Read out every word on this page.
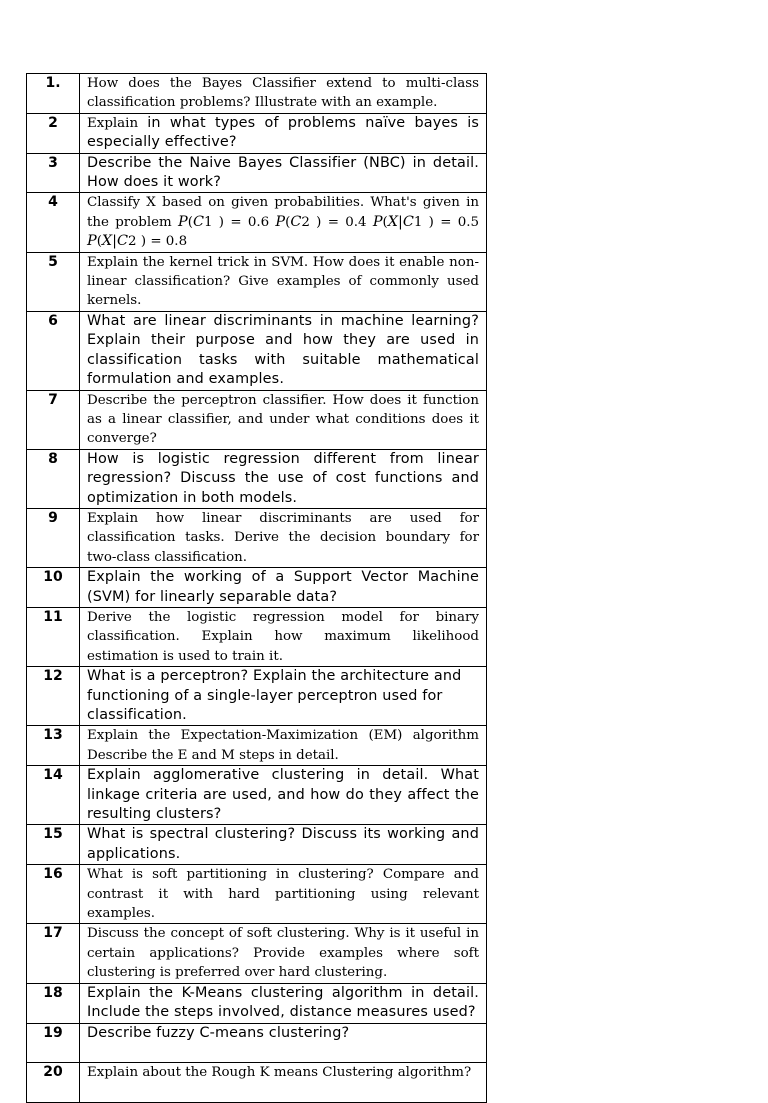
1.	How does the Bayes Classifier extend to multi-class classification problems? Illustrate with an example.
2	Explain in what types of problems naïve bayes is especially effective?
3	Describe the Naive Bayes Classifier (NBC) in detail. How does it work?
4	Classify X based on given probabilities. What's given in the problem P(C1 ) = 0.6 P(C2 ) = 0.4 P(X|C1 ) = 0.5 P(X|C2 ) = 0.8
5	Explain the kernel trick in SVM. How does it enable non-linear classification? Give examples of commonly used kernels.
6	What are linear discriminants in machine learning? Explain their purpose and how they are used in classification tasks with suitable mathematical formulation and examples.
7	Describe the perceptron classifier. How does it function as a linear classifier, and under what conditions does it converge?
8	How is logistic regression different from linear regression? Discuss the use of cost functions and optimization in both models.
9	Explain how linear discriminants are used for classification tasks. Derive the decision boundary for two-class classification.
10	Explain the working of a Support Vector Machine (SVM) for linearly separable data?
11	Derive the logistic regression model for binary classification. Explain how maximum likelihood estimation is used to train it.
12	What is a perceptron? Explain the architecture and functioning of a single-layer perceptron used for classification.
13	Explain the Expectation-Maximization (EM) algorithm Describe the E and M steps in detail.
14	Explain agglomerative clustering in detail. What linkage criteria are used, and how do they affect the resulting clusters?
15	What is spectral clustering? Discuss its working and applications.
16	What is soft partitioning in clustering? Compare and contrast it with hard partitioning using relevant examples.
17	Discuss the concept of soft clustering. Why is it useful in certain applications? Provide examples where soft clustering is preferred over hard clustering.
18	Explain the K-Means clustering algorithm in detail. Include the steps involved, distance measures used?
19	Describe fuzzy C-means clustering?
20	Explain about the Rough K means Clustering algorithm?
